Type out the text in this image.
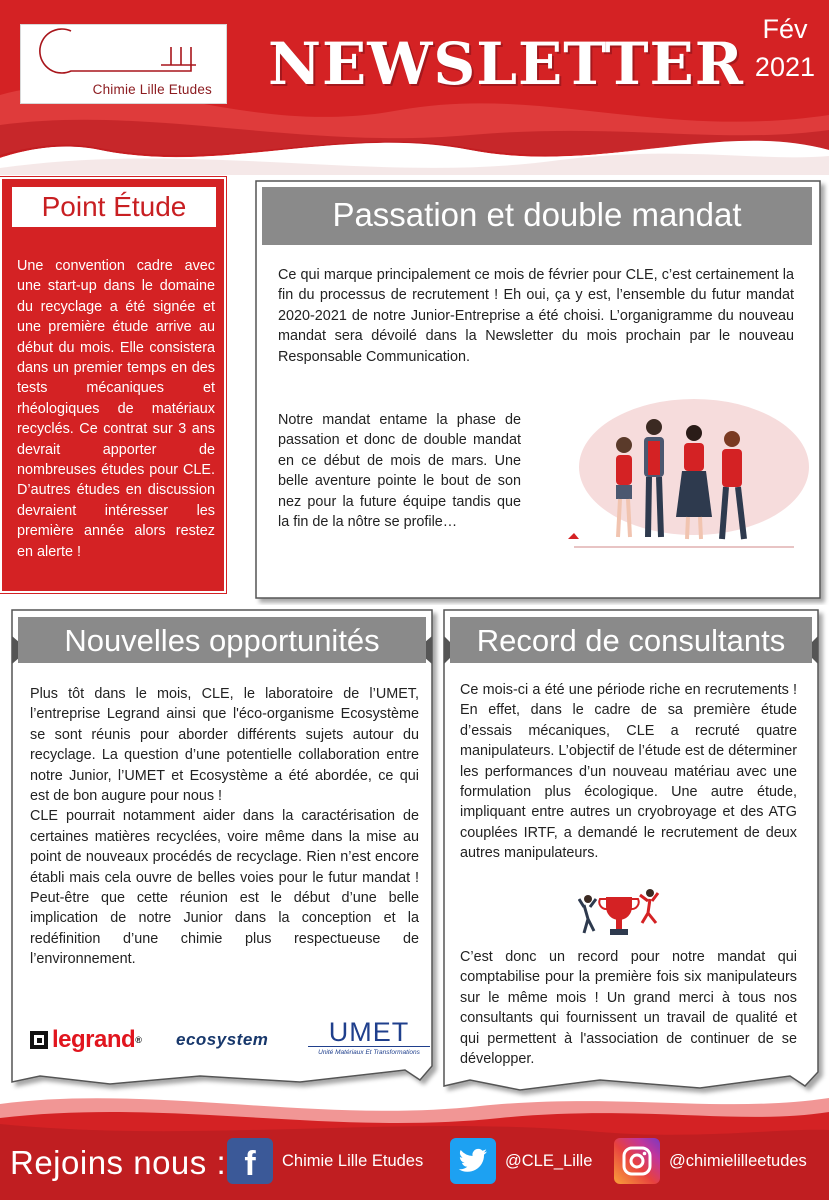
Chimie Lille Etudes NEWSLETTER
Fév
2021
Point Étude
Une convention cadre avec une start-up dans le domaine du recyclage a été signée et une première étude arrive au début du mois. Elle consistera dans un premier temps en des tests mécaniques et rhéologiques de matériaux recyclés. Ce contrat sur 3 ans devrait apporter de nombreuses études pour CLE. D’autres études en discussion devraient intéresser les première année alors restez en alerte !
Passation et double mandat
Ce qui marque principalement ce mois de février pour CLE, c’est certainement la fin du processus de recrutement ! Eh oui, ça y est, l’ensemble du futur mandat 2020-2021 de notre Junior-Entreprise a été choisi. L’organigramme du nouveau mandat sera dévoilé dans la Newsletter du mois prochain par le nouveau Responsable Communication.
Notre mandat entame la phase de passation et donc de double mandat en ce début de mois de mars. Une belle aventure pointe le bout de son nez pour la future équipe tandis que la fin de la nôtre se profile…
Nouvelles opportunités
Plus tôt dans le mois, CLE, le laboratoire de l’UMET, l’entreprise Legrand ainsi que l'éco-organisme Ecosystème se sont réunis pour aborder différents sujets autour du recyclage. La question d’une potentielle collaboration entre notre Junior, l’UMET et Ecosystème a été abordée, ce qui est de bon augure pour nous !
CLE pourrait notamment aider dans la caractérisation de certaines matières recyclées, voire même dans la mise au point de nouveaux procédés de recyclage. Rien n’est encore établi mais cela ouvre de belles voies pour le futur mandat ! Peut-être que cette réunion est le début d’une belle implication de notre Junior dans la conception et la redéfinition d’une chimie plus respectueuse de l’environnement.
legrand ® ecosystem	UMET
Unité Matériaux Et Transformations
Record de consultants
Ce mois-ci a été une période riche en recrutements ! En effet, dans le cadre de sa première étude d’essais mécaniques, CLE a recruté quatre manipulateurs. L’objectif de l’étude est de déterminer les performances d’un nouveau matériau avec une formulation plus écologique. Une autre étude, impliquant entre autres un cryobroyage et des ATG couplées IRTF, a demandé le recrutement de deux autres manipulateurs.
C’est donc un record pour notre mandat qui comptabilise pour la première fois six manipulateurs sur le même mois ! Un grand merci à tous nos consultants qui fournissent un travail de qualité et qui permettent à l'association de continuer de se développer.
Rejoins nous : f	Chimie Lille Etudes	@CLE_Lille	@chimielilleetudes
